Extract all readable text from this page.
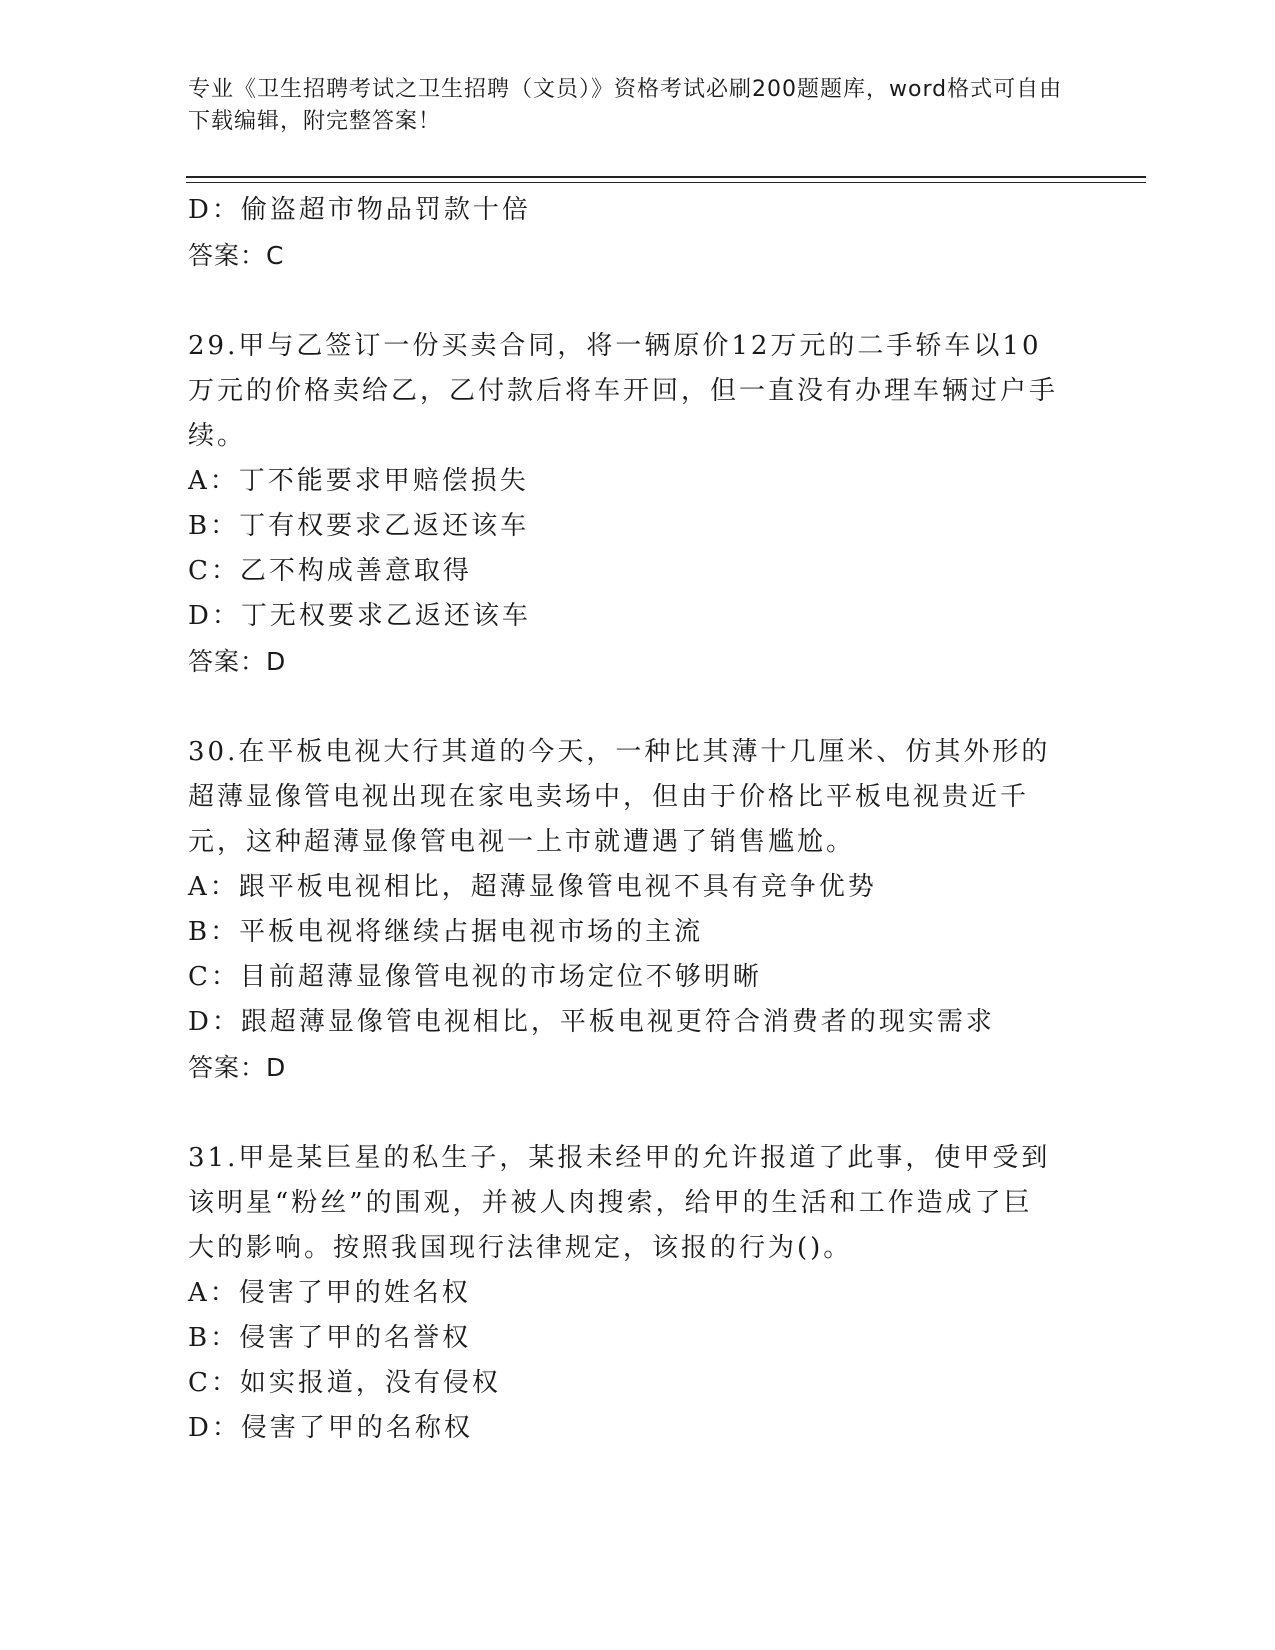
专业《卫生招聘考试之卫生招聘（文员）》资格考试必刷200题题库，word格式可自由下载编辑，附完整答案！
D：偷盗超市物品罚款十倍
答案：C
29.甲与乙签订一份买卖合同，将一辆原价12万元的二手轿车以10万元的价格卖给乙，乙付款后将车开回，但一直没有办理车辆过户手续。
A：丁不能要求甲赔偿损失
B：丁有权要求乙返还该车
C：乙不构成善意取得
D：丁无权要求乙返还该车
答案：D
30.在平板电视大行其道的今天，一种比其薄十几厘米、仿其外形的超薄显像管电视出现在家电卖场中，但由于价格比平板电视贵近千元，这种超薄显像管电视一上市就遭遇了销售尴尬。
A：跟平板电视相比，超薄显像管电视不具有竞争优势
B：平板电视将继续占据电视市场的主流
C：目前超薄显像管电视的市场定位不够明晰
D：跟超薄显像管电视相比，平板电视更符合消费者的现实需求
答案：D
31.甲是某巨星的私生子，某报未经甲的允许报道了此事，使甲受到该明星“粉丝”的围观，并被人肉搜索，给甲的生活和工作造成了巨大的影响。按照我国现行法律规定，该报的行为()。
A：侵害了甲的姓名权
B：侵害了甲的名誉权
C：如实报道，没有侵权
D：侵害了甲的名称权
